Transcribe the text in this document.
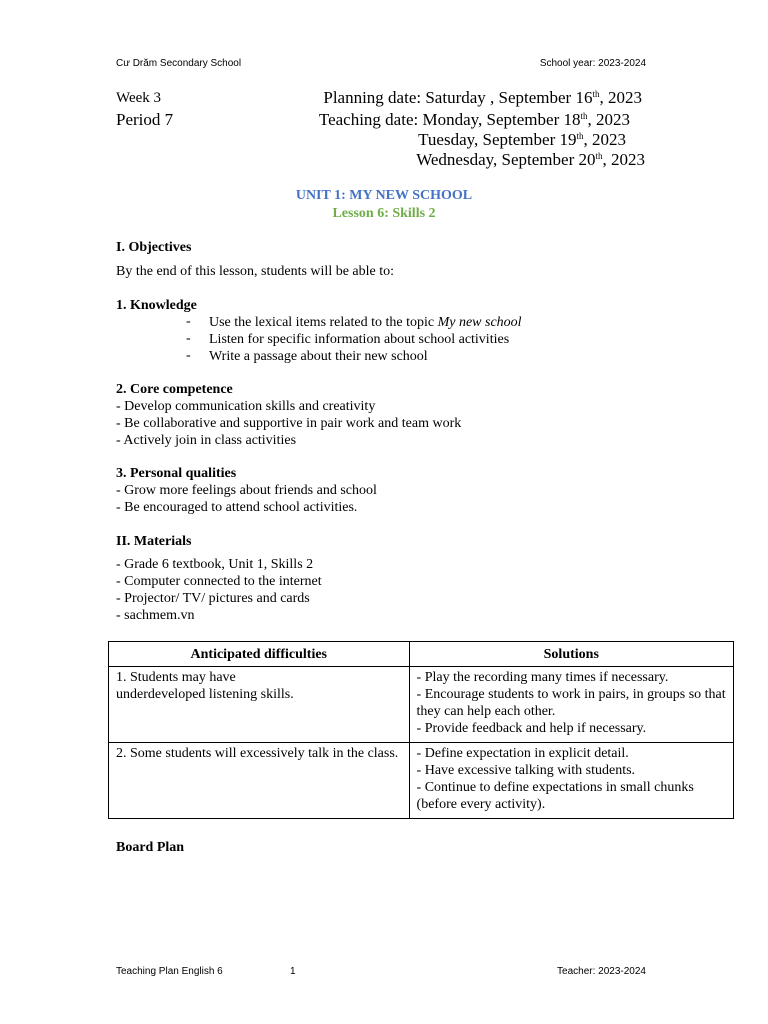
Cư Drăm Secondary School	School year: 2023-2024
Week 3
Period 7
Planning date: Saturday , September 16th, 2023
Teaching date: Monday, September 18th, 2023
Tuesday, September 19th, 2023
Wednesday, September 20th, 2023
UNIT 1: MY NEW SCHOOL
Lesson 6: Skills 2
I. Objectives
By the end of this lesson, students will be able to:
1. Knowledge
- Use the lexical items related to the topic My new school
- Listen for specific information about school activities
- Write a passage about their new school
2. Core competence
- Develop communication skills and creativity
- Be collaborative and supportive in pair work and team work
- Actively join in class activities
3. Personal qualities
- Grow more feelings about friends and school
- Be encouraged to attend school activities.
II. Materials
- Grade 6 textbook, Unit 1, Skills 2
- Computer connected to the internet
- Projector/ TV/ pictures and cards
- sachmem.vn
Anticipated difficulties	Solutions

1. Students may have
underdeveloped listening skills.	- Play the recording many times if necessary.
- Encourage students to work in pairs, in groups so that they can help each other.
- Provide feedback and help if necessary.

2. Some students will excessively talk in the class.	- Define expectation in explicit detail.
- Have excessive talking with students.
- Continue to define expectations in small chunks (before every activity).
Board Plan
Teaching Plan English 6	1	Teacher: 2023-2024
